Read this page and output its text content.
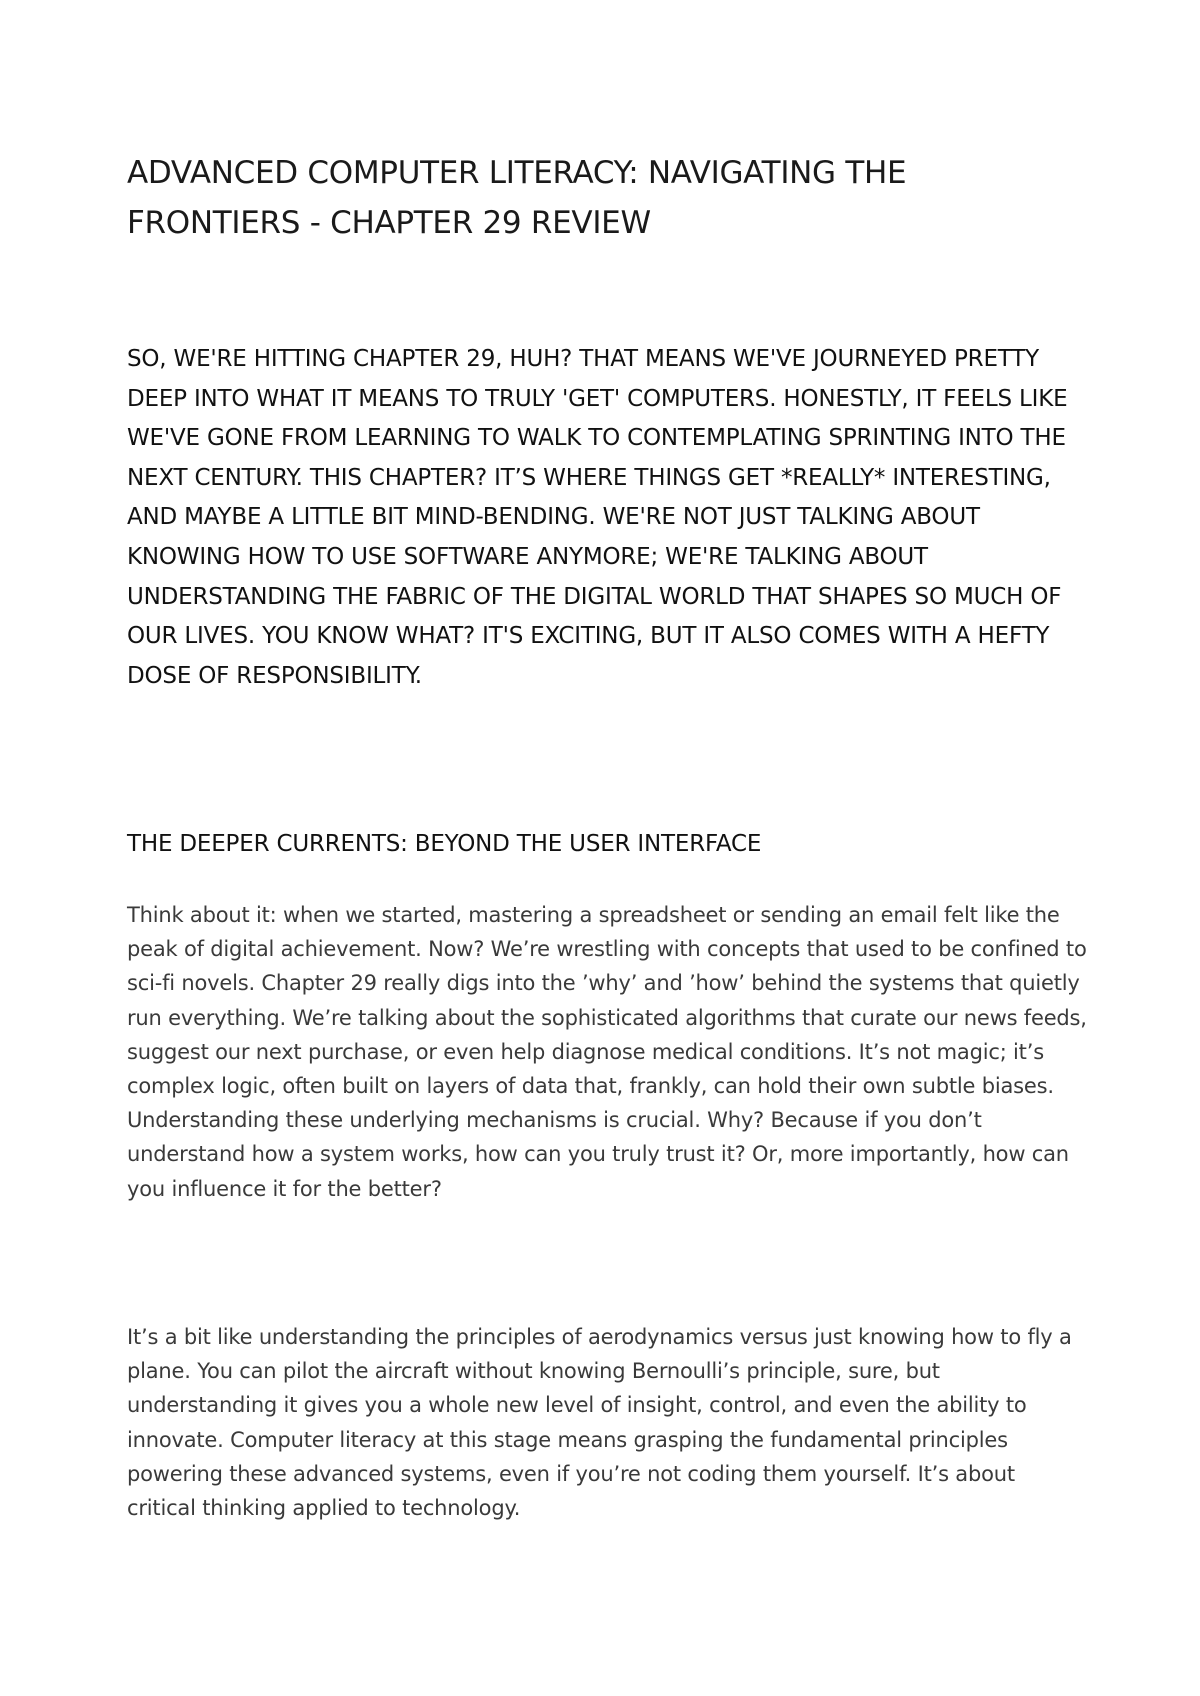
ADVANCED COMPUTER LITERACY: NAVIGATING THE FRONTIERS - CHAPTER 29 REVIEW

SO, WE'RE HITTING CHAPTER 29, HUH? THAT MEANS WE'VE JOURNEYED PRETTY DEEP INTO WHAT IT MEANS TO TRULY 'GET' COMPUTERS. HONESTLY, IT FEELS LIKE WE'VE GONE FROM LEARNING TO WALK TO CONTEMPLATING SPRINTING INTO THE NEXT CENTURY. THIS CHAPTER? IT’S WHERE THINGS GET *REALLY* INTERESTING, AND MAYBE A LITTLE BIT MIND-BENDING. WE'RE NOT JUST TALKING ABOUT KNOWING HOW TO USE SOFTWARE ANYMORE; WE'RE TALKING ABOUT UNDERSTANDING THE FABRIC OF THE DIGITAL WORLD THAT SHAPES SO MUCH OF OUR LIVES. YOU KNOW WHAT? IT'S EXCITING, BUT IT ALSO COMES WITH A HEFTY DOSE OF RESPONSIBILITY.

THE DEEPER CURRENTS: BEYOND THE USER INTERFACE

Think about it: when we started, mastering a spreadsheet or sending an email felt like the peak of digital achievement. Now? We’re wrestling with concepts that used to be confined to sci-fi novels. Chapter 29 really digs into the ’why’ and ’how’ behind the systems that quietly run everything. We’re talking about the sophisticated algorithms that curate our news feeds, suggest our next purchase, or even help diagnose medical conditions. It’s not magic; it’s complex logic, often built on layers of data that, frankly, can hold their own subtle biases. Understanding these underlying mechanisms is crucial. Why? Because if you don’t understand how a system works, how can you truly trust it? Or, more importantly, how can you influence it for the better?

It’s a bit like understanding the principles of aerodynamics versus just knowing how to fly a plane. You can pilot the aircraft without knowing Bernoulli’s principle, sure, but understanding it gives you a whole new level of insight, control, and even the ability to innovate. Computer literacy at this stage means grasping the fundamental principles powering these advanced systems, even if you’re not coding them yourself. It’s about critical thinking applied to technology.
